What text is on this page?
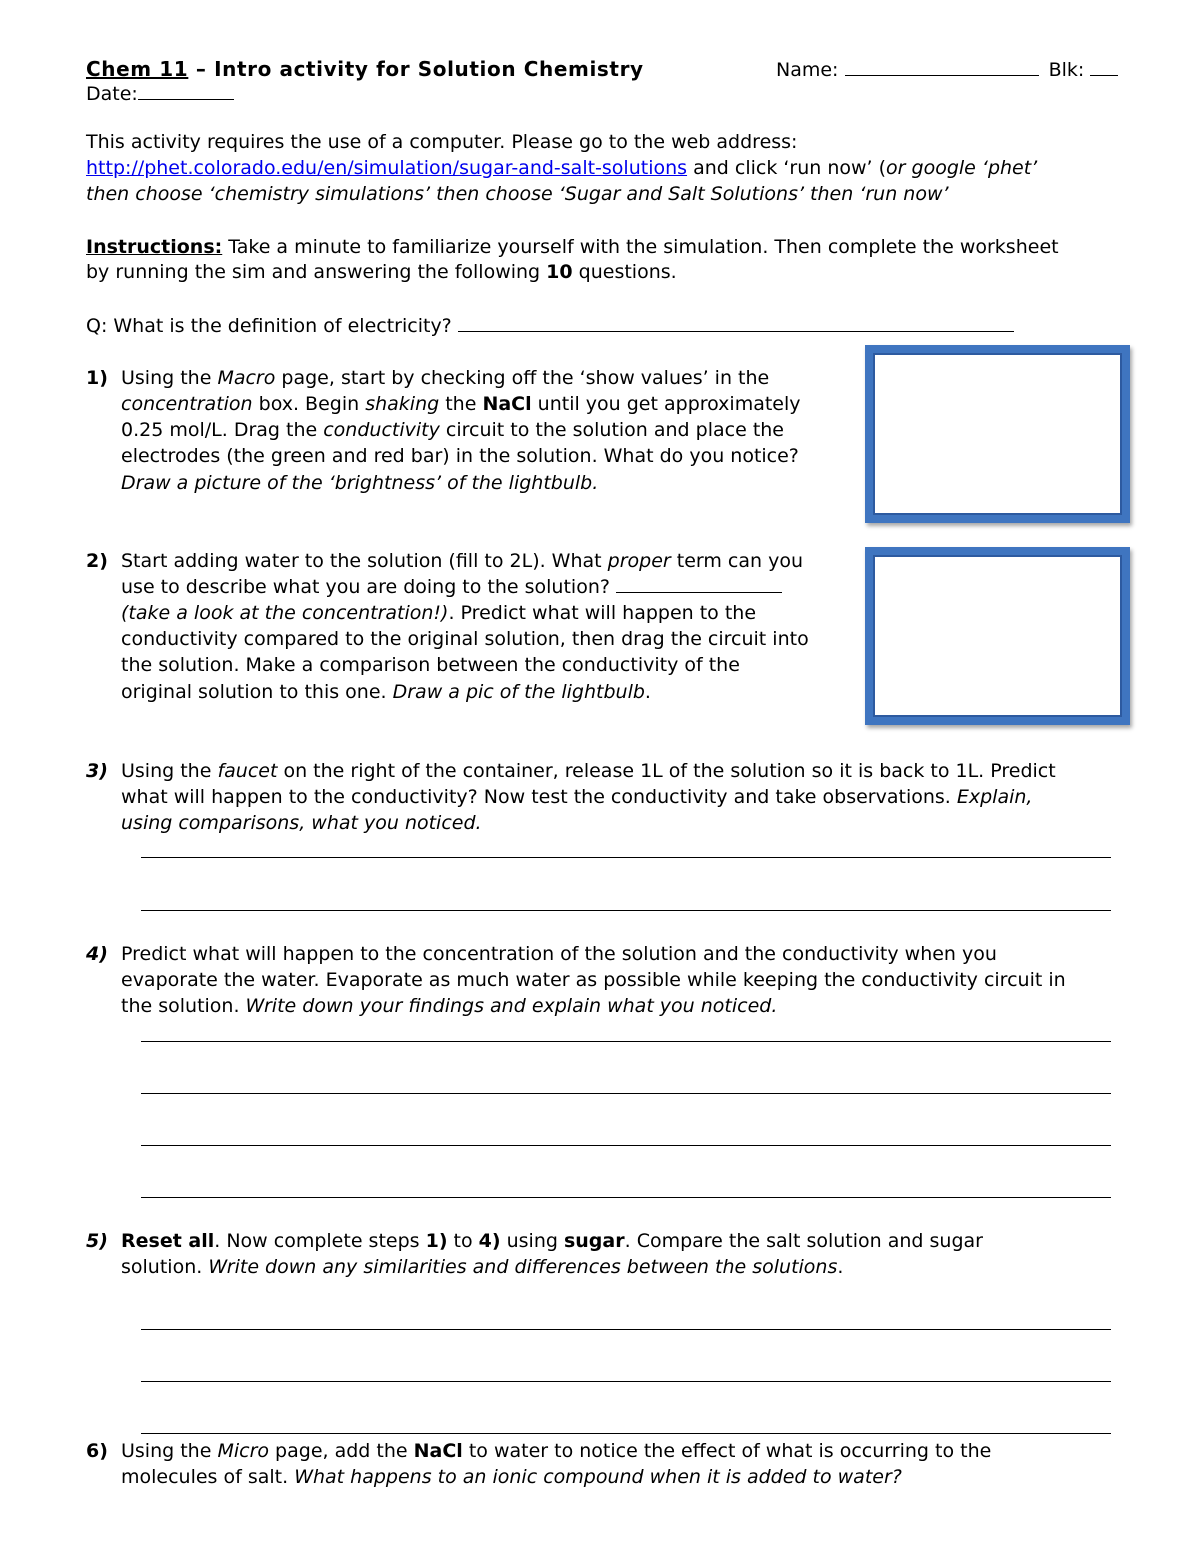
Chem 11 – Intro activity for Solution Chemistry	Name:	Blk:
Date:
This activity requires the use of a computer. Please go to the web address:
http://phet.colorado.edu/en/simulation/sugar-and-salt-solutions and click ‘run now’ (or google ‘phet’
then choose ‘chemistry simulations’ then choose ‘Sugar and Salt Solutions’ then ‘run now’
Instructions: Take a minute to familiarize yourself with the simulation. Then complete the worksheet
by running the sim and answering the following 10 questions.
Q: What is the definition of electricity?
1) Using the Macro page, start by checking off the ‘show values’ in the
concentration box. Begin shaking the NaCl until you get approximately
0.25 mol/L. Drag the conductivity circuit to the solution and place the
electrodes (the green and red bar) in the solution. What do you notice?
Draw a picture of the ‘brightness’ of the lightbulb.
2) Start adding water to the solution (fill to 2L). What proper term can you
use to describe what you are doing to the solution?
(take a look at the concentration!). Predict what will happen to the
conductivity compared to the original solution, then drag the circuit into
the solution. Make a comparison between the conductivity of the
original solution to this one. Draw a pic of the lightbulb.
3) Using the faucet on the right of the container, release 1L of the solution so it is back to 1L. Predict
what will happen to the conductivity? Now test the conductivity and take observations. Explain,
using comparisons, what you noticed.
4) Predict what will happen to the concentration of the solution and the conductivity when you
evaporate the water. Evaporate as much water as possible while keeping the conductivity circuit in
the solution. Write down your findings and explain what you noticed.
5) Reset all. Now complete steps 1) to 4) using sugar. Compare the salt solution and sugar
solution. Write down any similarities and differences between the solutions.
6) Using the Micro page, add the NaCl to water to notice the effect of what is occurring to the
molecules of salt. What happens to an ionic compound when it is added to water?
